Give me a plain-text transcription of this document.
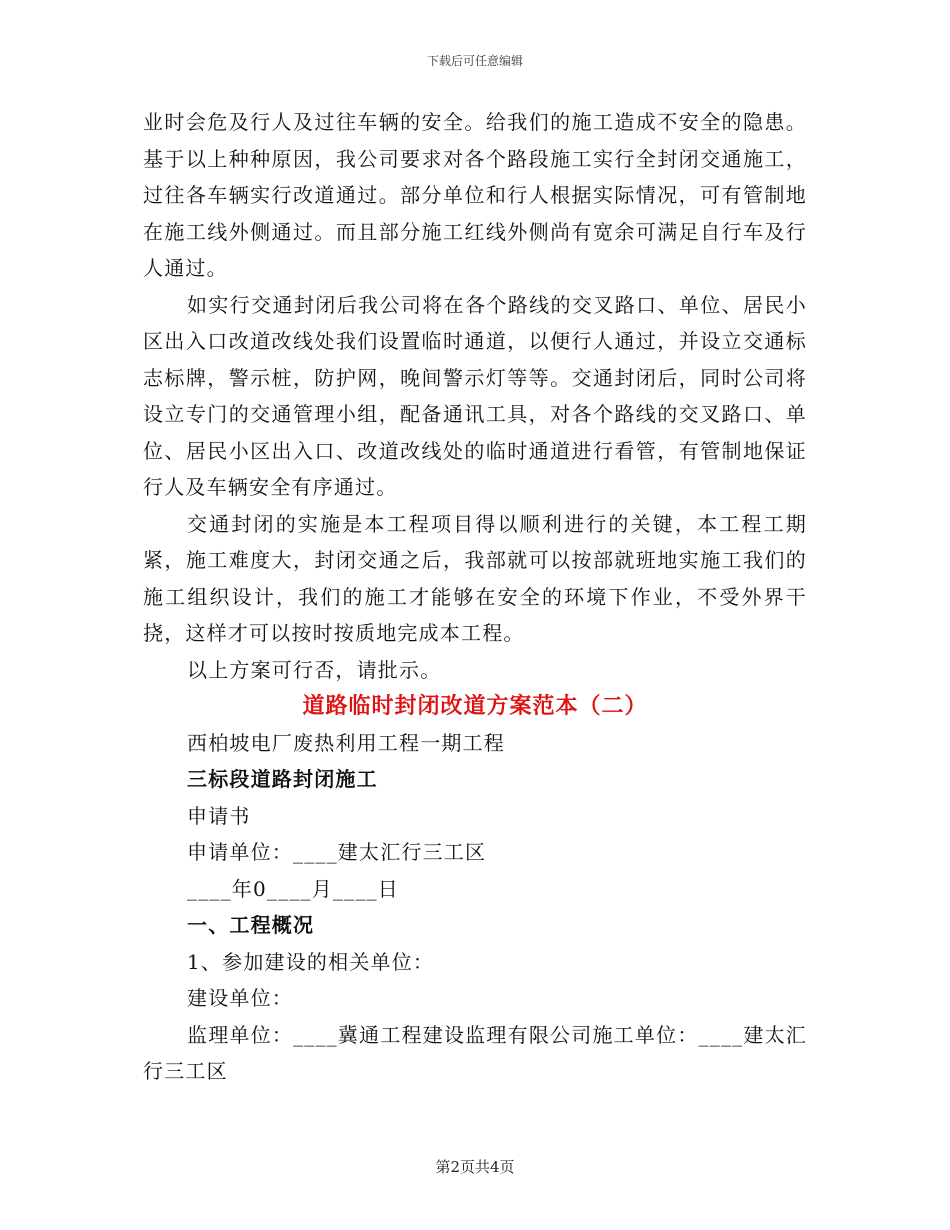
下载后可任意编辑

业时会危及行人及过往车辆的安全。给我们的施工造成不安全的隐患。基于以上种种原因，我公司要求对各个路段施工实行全封闭交通施工，过往各车辆实行改道通过。部分单位和行人根据实际情况，可有管制地在施工线外侧通过。而且部分施工红线外侧尚有宽余可满足自行车及行人通过。

如实行交通封闭后我公司将在各个路线的交叉路口、单位、居民小区出入口改道改线处我们设置临时通道，以便行人通过，并设立交通标志标牌，警示桩，防护网，晚间警示灯等等。交通封闭后，同时公司将设立专门的交通管理小组，配备通讯工具，对各个路线的交叉路口、单位、居民小区出入口、改道改线处的临时通道进行看管，有管制地保证行人及车辆安全有序通过。

交通封闭的实施是本工程项目得以顺利进行的关键，本工程工期紧，施工难度大，封闭交通之后，我部就可以按部就班地实施工我们的施工组织设计，我们的施工才能够在安全的环境下作业，不受外界干挠，这样才可以按时按质地完成本工程。

以上方案可行否，请批示。

道路临时封闭改道方案范本（二）

西柏坡电厂废热利用工程一期工程

三标段道路封闭施工

申请书

申请单位：____建太汇行三工区

____年0____月____日

一、工程概况

1、参加建设的相关单位：

建设单位：

监理单位：____冀通工程建设监理有限公司施工单位：____建太汇行三工区

第2页共4页
